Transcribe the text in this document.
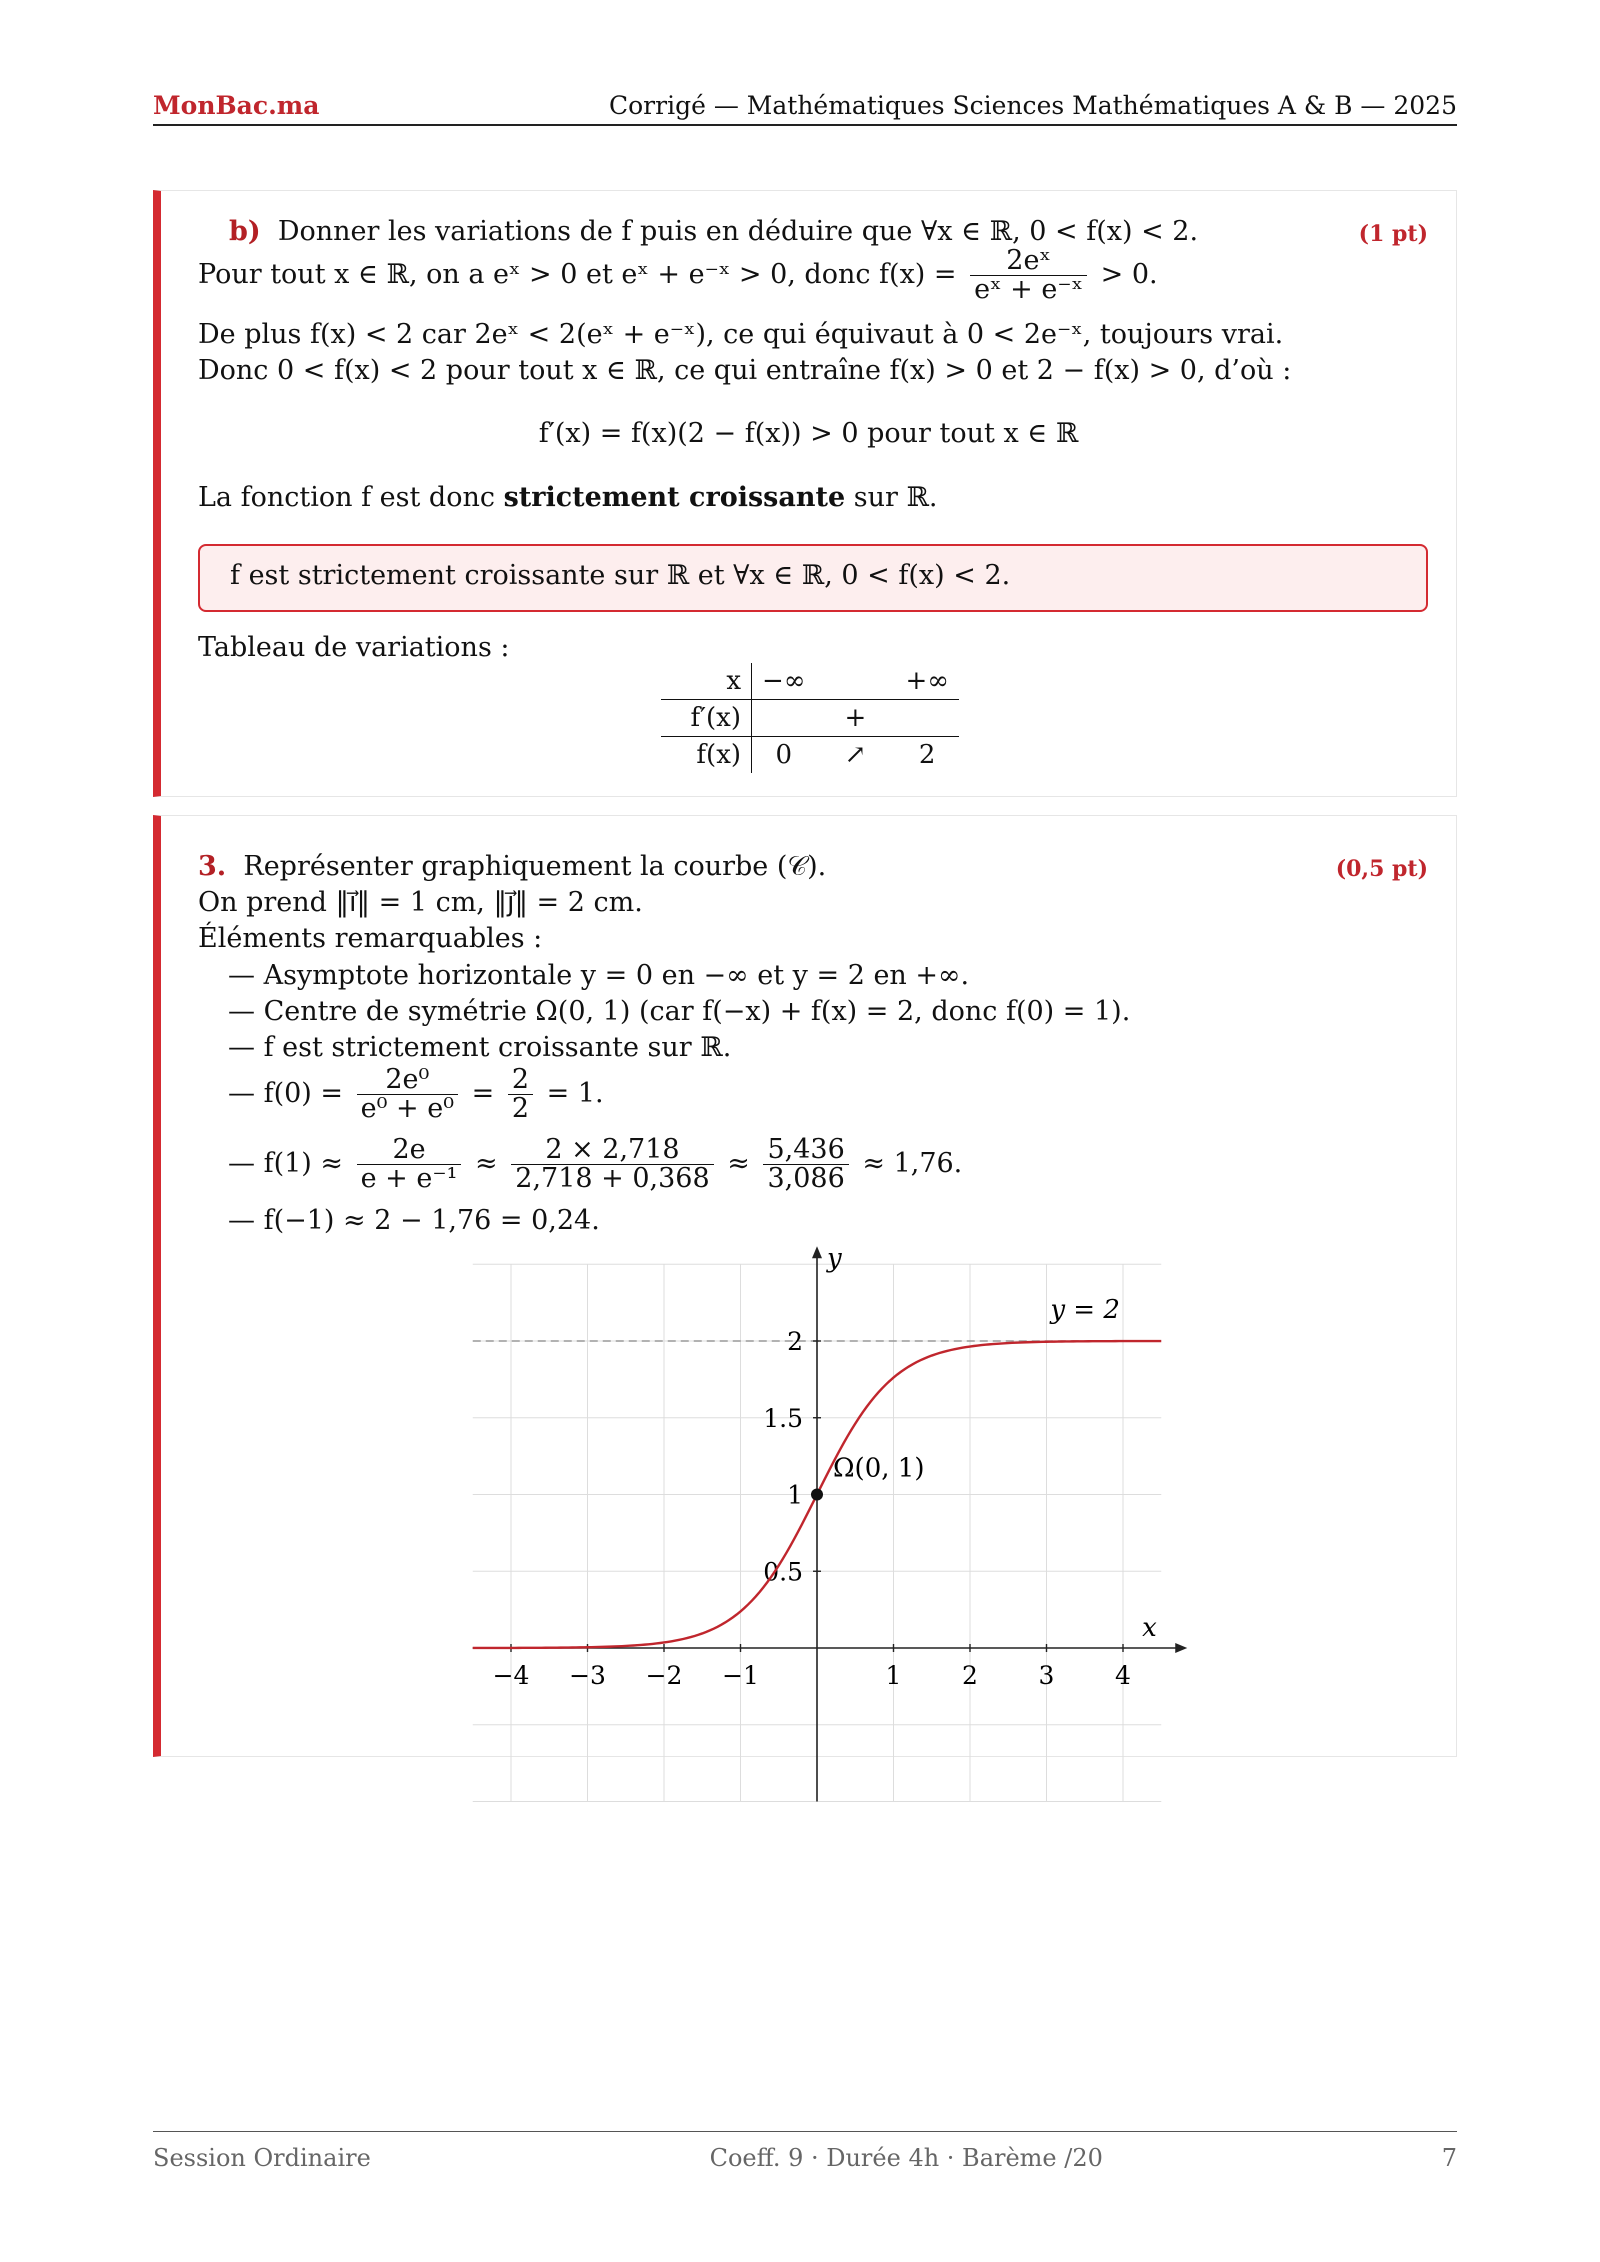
MonBac.ma	Corrigé — Mathématiques Sciences Mathématiques A & B — 2025
b) Donner les variations de f puis en déduire que ∀x ∈ ℝ, 0 < f(x) < 2.	(1 pt)
Pour tout x ∈ ℝ, on a eˣ > 0 et eˣ + e⁻ˣ > 0, donc $f(x) = \frac{\text{2eˣ}}{\text{eˣ + e⁻ˣ}} > 0$.
De plus f(x) < 2 car 2eˣ < 2(eˣ + e⁻ˣ), ce qui équivaut à 0 < 2e⁻ˣ, toujours vrai.
Donc 0 < f(x) < 2 pour tout x ∈ ℝ, ce qui entraîne f(x) > 0 et 2 − f(x) > 0, d’où :
f′(x) = f(x)(2 − f(x)) > 0 pour tout x ∈ ℝ
La fonction f est donc strictement croissante sur ℝ.
f est strictement croissante sur ℝ et ∀x ∈ ℝ, 0 < f(x) < 2.
Tableau de variations :
x	−∞		+∞
f′(x)		+	
f(x)	0	↗	2
3. Représenter graphiquement la courbe (𝒞).	(0,5 pt)
On prend ‖i⃗‖ = 1 cm, ‖j⃗‖ = 2 cm.
Éléments remarquables :
— Asymptote horizontale y = 0 en −∞ et y = 2 en +∞.
— Centre de symétrie Ω(0, 1) (car f(−x) + f(x) = 2, donc f(0) = 1).
— f est strictement croissante sur ℝ.
— $f(0) = \frac{\text{2e⁰}}{\text{e⁰ + e⁰}} = \frac{2}{2} = 1$.
— $f(1) \approx \frac{2e}{\text{e + e⁻¹}} \approx \frac{2 \times 2,718}{2,718 + 0,368} \approx \frac{5,436}{3,086} \approx 1,76$.
— f(−1) ≈ 2 − 1,76 = 0,24.
y = 2
x
y
−4 −3 −2 −1	1 2 3 4
0.5
1
1.5
2
Ω(0, 1)
Session Ordinaire	Coeff. 9 · Durée 4h · Barème /20	7
